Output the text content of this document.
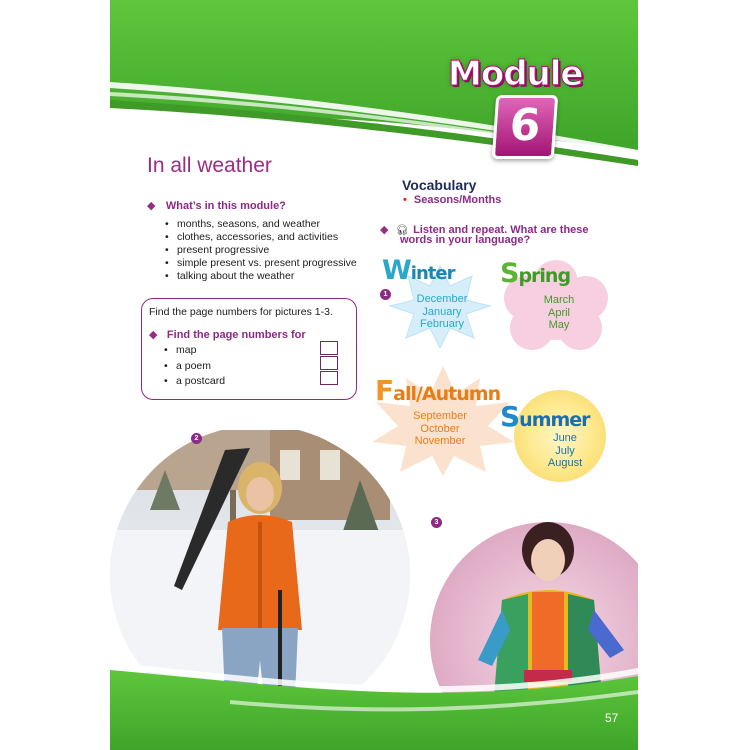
Module
6
In all weather
◆ What’s in this module?
• months, seasons, and weather
• clothes, accessories, and activities
• present progressive
• simple present vs. present progressive
• talking about the weather
Find the page numbers for pictures 1-3.
◆ Find the page numbers for
• map
• a poem
• a postcard
Vocabulary
• Seasons/Months
◆ 🎧︎ Listen and repeat. What are these
words in your language?
Winter
1	December
January
February
Spring
March
April
May
Fall/Autumn
September
October
November
Summer
June
July
August
2
3
57
